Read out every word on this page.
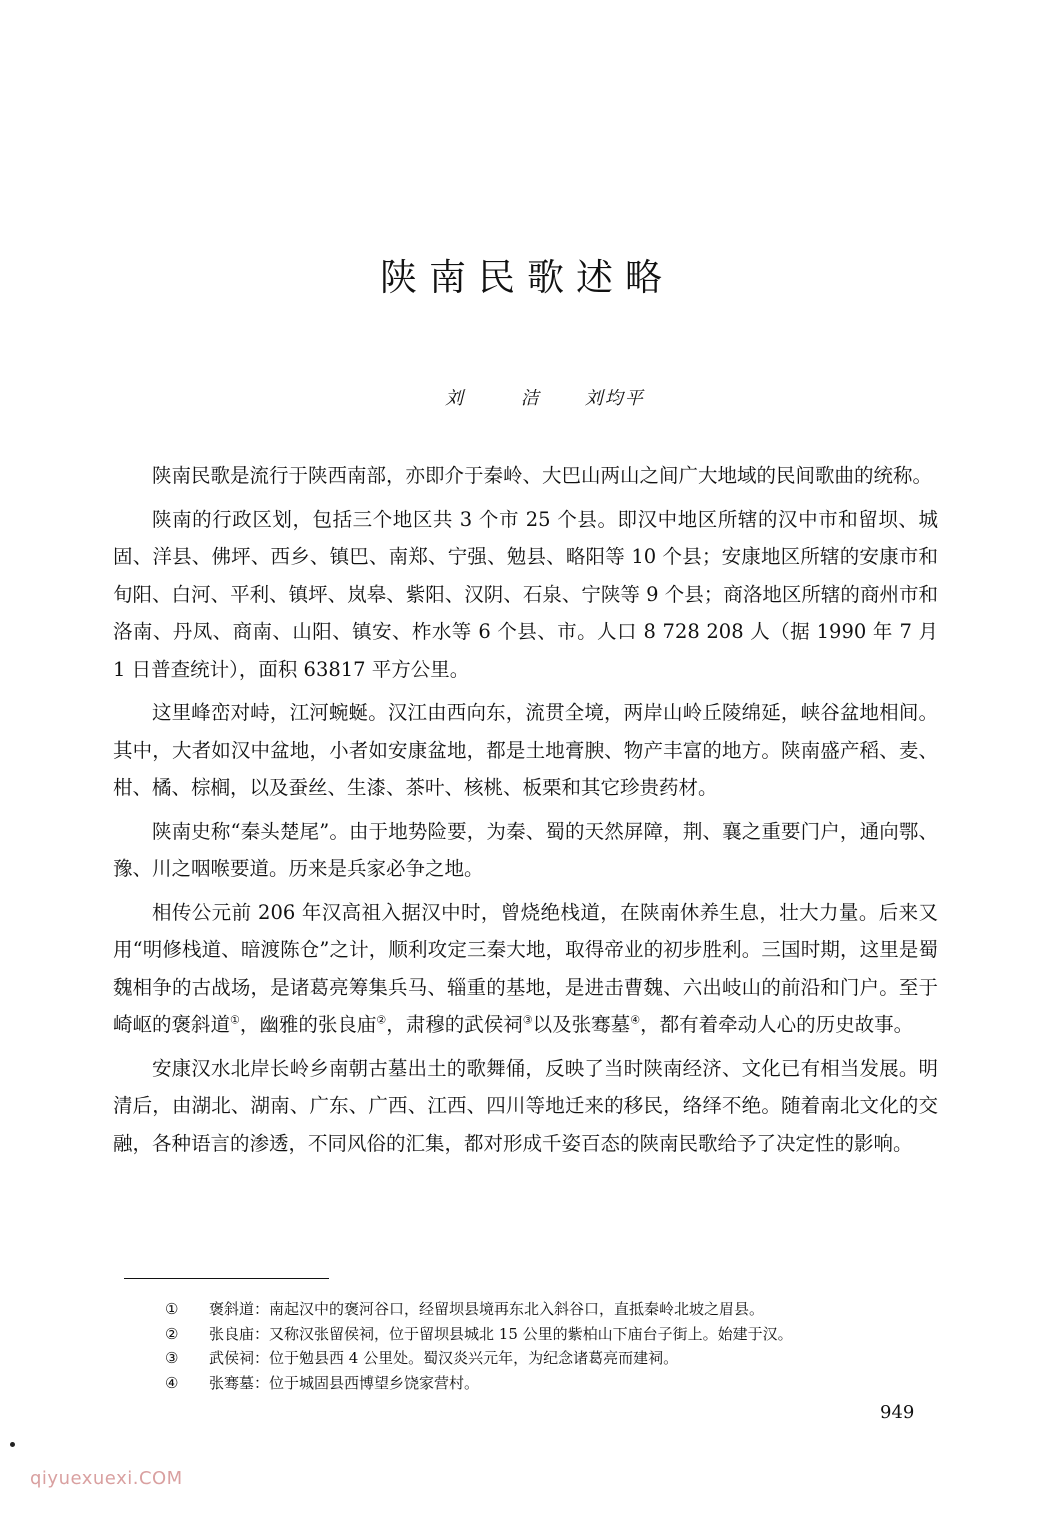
陕南民歌述略
刘 洁 刘均平

陕南民歌是流行于陕西南部，亦即介于秦岭、大巴山两山之间广大地域的民间歌曲的统称。

陕南的行政区划，包括三个地区共 3 个市 25 个县。即汉中地区所辖的汉中市和留坝、城固、洋县、佛坪、西乡、镇巴、南郑、宁强、勉县、略阳等 10 个县；安康地区所辖的安康市和旬阳、白河、平利、镇坪、岚皋、紫阳、汉阴、石泉、宁陕等 9 个县；商洛地区所辖的商州市和洛南、丹凤、商南、山阳、镇安、柞水等 6 个县、市。人口 8 728 208 人（据 1990 年 7 月 1 日普查统计），面积 63817 平方公里。

这里峰峦对峙，江河蜿蜒。汉江由西向东，流贯全境，两岸山岭丘陵绵延，峡谷盆地相间。其中，大者如汉中盆地，小者如安康盆地，都是土地膏腴、物产丰富的地方。陕南盛产稻、麦、柑、橘、棕榈，以及蚕丝、生漆、茶叶、核桃、板栗和其它珍贵药材。

陕南史称“秦头楚尾”。由于地势险要，为秦、蜀的天然屏障，荆、襄之重要门户，通向鄂、豫、川之咽喉要道。历来是兵家必争之地。

相传公元前 206 年汉高祖入据汉中时，曾烧绝栈道，在陕南休养生息，壮大力量。后来又用“明修栈道、暗渡陈仓”之计，顺利攻定三秦大地，取得帝业的初步胜利。三国时期，这里是蜀魏相争的古战场，是诸葛亮筹集兵马、辎重的基地，是进击曹魏、六出岐山的前沿和门户。至于崎岖的褒斜道①，幽雅的张良庙②，肃穆的武侯祠③以及张骞墓④，都有着牵动人心的历史故事。

安康汉水北岸长岭乡南朝古墓出土的歌舞俑，反映了当时陕南经济、文化已有相当发展。明清后，由湖北、湖南、广东、广西、江西、四川等地迁来的移民，络绎不绝。随着南北文化的交融，各种语言的渗透，不同风俗的汇集，都对形成千姿百态的陕南民歌给予了决定性的影响。

①	褒斜道：南起汉中的褒河谷口，经留坝县境再东北入斜谷口，直抵秦岭北坡之眉县。
②	张良庙：又称汉张留侯祠，位于留坝县城北 15 公里的紫柏山下庙台子街上。始建于汉。
③	武侯祠：位于勉县西 4 公里处。蜀汉炎兴元年，为纪念诸葛亮而建祠。
④	张骞墓：位于城固县西博望乡饶家营村。
949
qiyuexuexi.COM
